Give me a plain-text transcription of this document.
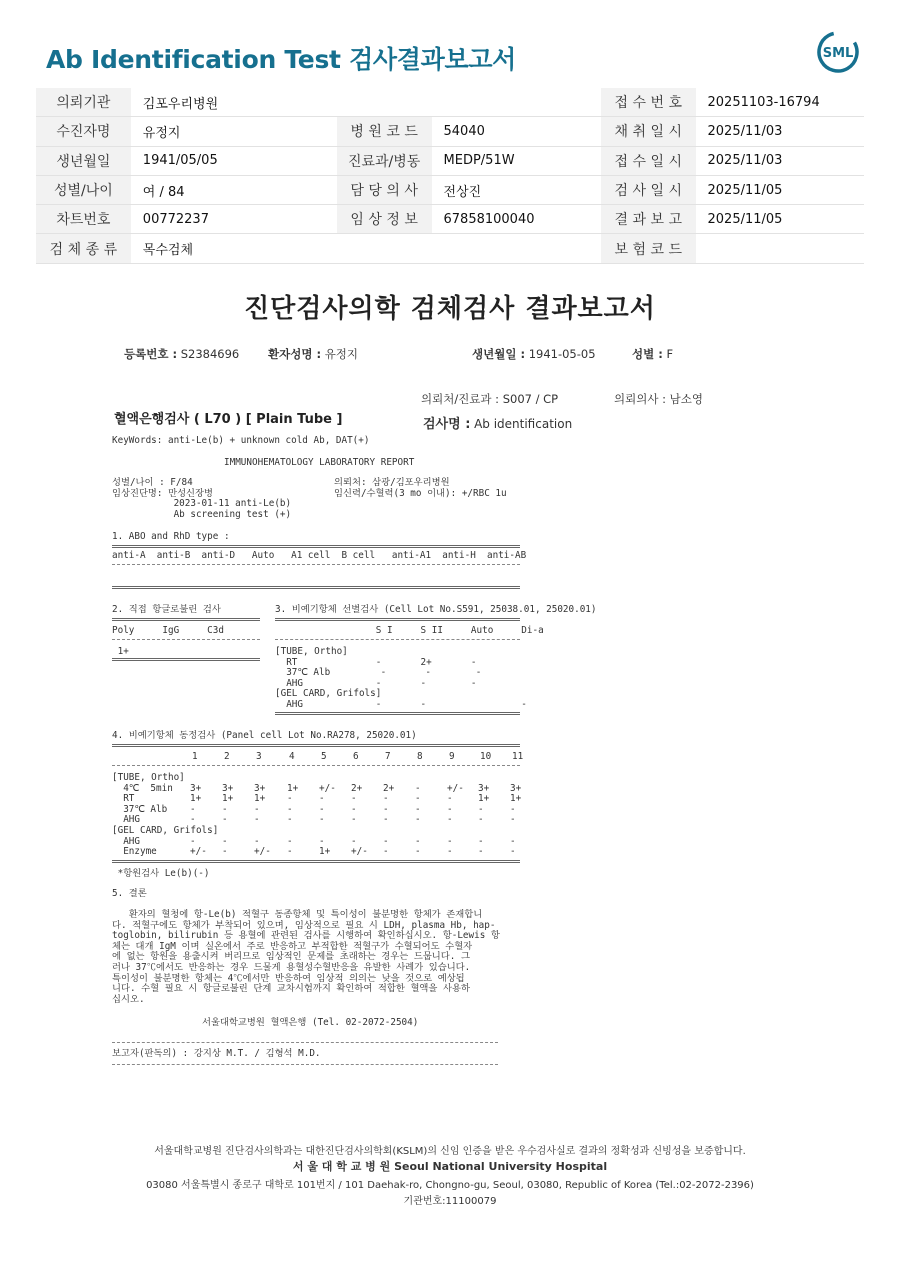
Ab Identification Test 검사결과보고서	SML
의뢰기관	김포우리병원			접 수 번 호	20251103-16794
수진자명	유정지	병 원 코 드	54040	채 취 일 시	2025/11/03
생년월일	1941/05/05	진료과/병동	MEDP/51W	접 수 일 시	2025/11/03
성별/나이	여 / 84	담 당 의 사	전상진	검 사 일 시	2025/11/05
차트번호	00772237	임 상 정 보	67858100040	결 과 보 고	2025/11/05
검 체 종 류	목수검체			보 험 코 드	
진단검사의학 검체검사 결과보고서
등록번호 : S2384696	환자성명 : 유정지	생년월일 : 1941-05-05	성별 : F
의뢰처/진료과 : S007 / CP	의뢰의사 : 남소영
혈액은행검사 ( L70 ) [ Plain Tube ]	검사명 : Ab identification
KeyWords: anti-Le(b) + unknown cold Ab, DAT(+)
IMMUNOHEMATOLOGY LABORATORY REPORT
성별/나이 : F/84
임상진단명: 만성신장병
2023-01-11 anti-Le(b)
Ab screening test (+)
의뢰처: 삼광/김포우리병원
임신력/수혈력(3 mo 이내): +/RBC 1u
1. ABO and RhD type :
anti-A  anti-B  anti-D   Auto   A1 cell  B cell   anti-A1  anti-H  anti-AB
2. 직접 항글로불린 검사
Poly     IgG     C3d
1+
3. 비예기항체 선별검사 (Cell Lot No.S591, 25038.01, 25020.01)
S I     S II     Auto     Di-a
[TUBE, Ortho]
RT              -       2+       -
37℃ Alb         -       -        -
AHG             -       -        -
[GEL CARD, Grifols]
AHG             -       -                 -
4. 비예기항체 동정검사 (Panel cell Lot No.RA278, 25020.01)
1	2	3	4	5	6	7	8	9	10 11
[TUBE, Ortho]
4℃  5min 3+ 3+ 3+ 1+ +/- 2+ 2+ -	+/- 3+ 3+
RT	1+ 1+ 1+ -	-	-	-	-	-	1+ 1+
37℃ Alb -	-	-	-	-	-	-	-	-	-	-
AHG	-	-	-	-	-	-	-	-	-	-	-
[GEL CARD, Grifols]
AHG	-	-	-	-	-	-	-	-	-	-	-
Enzyme	+/- -	+/- -	1+ +/- -	-	-	-	-
*항원검사 Le(b)(-)
5. 결론
환자의 혈청에 항-Le(b) 적혈구 동종항체 및 특이성이 불분명한 항체가 존재합니
다. 적혈구에도 항체가 부착되어 있으며, 임상적으로 필요 시 LDH, plasma Hb, hap-
toglobin, bilirubin 등 용혈에 관련된 검사를 시행하여 확인하십시오. 항-Lewis 항
체는 대개 IgM 이며 실온에서 주로 반응하고 부적합한 적혈구가 수혈되어도 수혈자
에 없는 항원을 용출시켜 버리므로 임상적인 문제를 초래하는 경우는 드뭅니다. 그
러나 37℃에서도 반응하는 경우 드물게 용혈성수혈반응을 유발한 사례가 있습니다.
특이성이 불분명한 항체는 4℃에서만 반응하여 임상적 의의는 낮을 것으로 예상됩
니다. 수혈 필요 시 항글로불린 단계 교차시험까지 확인하여 적합한 혈액을 사용하
십시오.
서울대학교병원 혈액은행 (Tel. 02-2072-2504)
보고자(판독의) : 강지상 M.T. / 김형석 M.D.
서울대학교병원 진단검사의학과는 대한진단검사의학회(KSLM)의 신임 인증을 받은 우수검사실로 결과의 정확성과 신빙성을 보증합니다.
서 울 대 학 교 병 원 Seoul National University Hospital
03080 서울특별시 종로구 대학로 101번지 / 101 Daehak-ro, Chongno-gu, Seoul, 03080, Republic of Korea (Tel.:02-2072-2396)
기관번호:11100079
